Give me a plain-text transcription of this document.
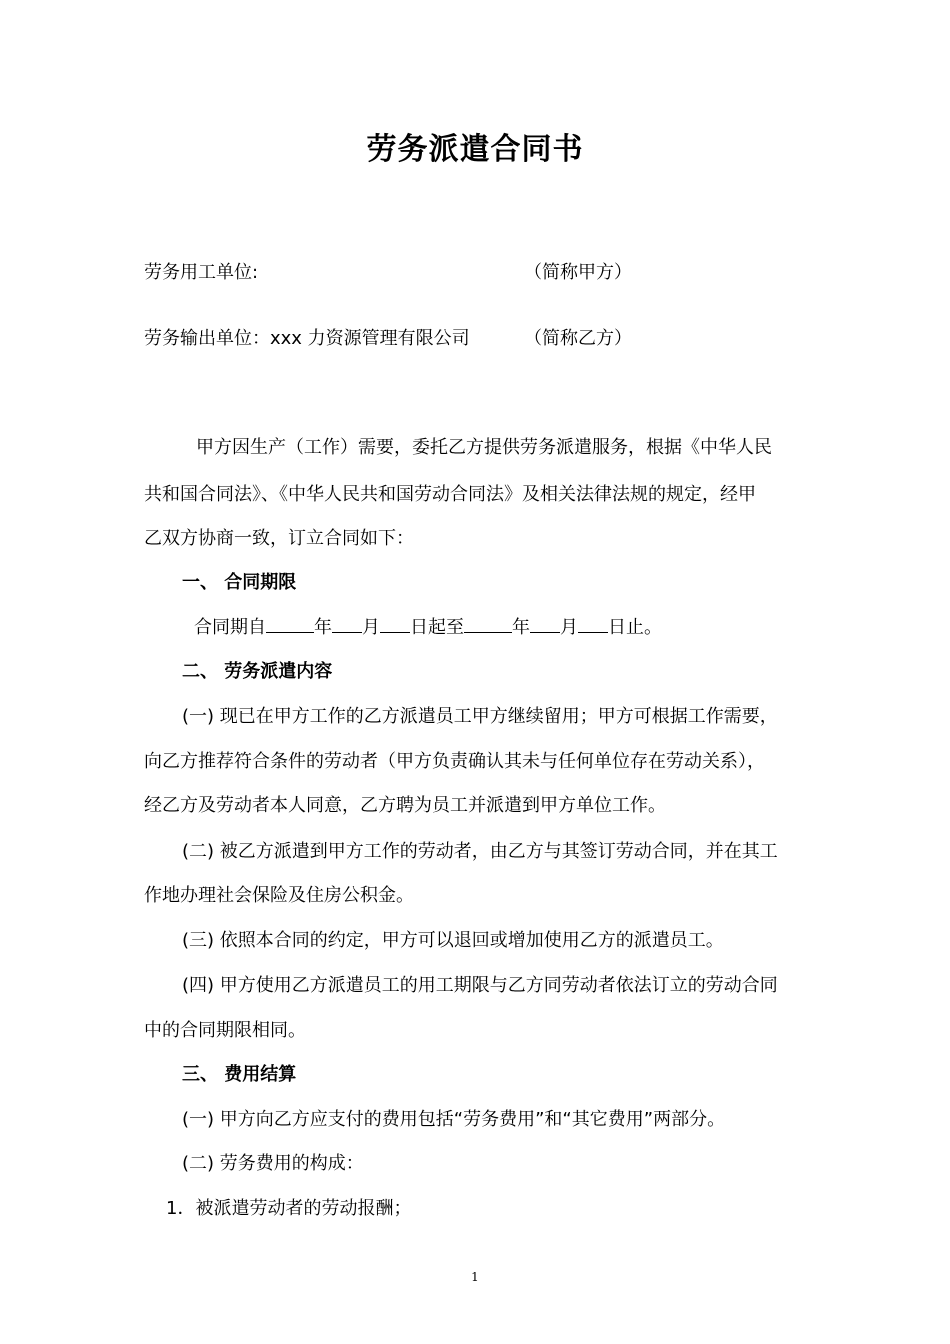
劳务派遣合同书
劳务用工单位:	（简称甲方）
劳务输出单位：xxx 力资源管理有限公司	（简称乙方）
甲方因生产（工作）需要，委托乙方提供劳务派遣服务，根据《中华人民
共和国合同法》、《中华人民共和国劳动合同法》及相关法律法规的规定，经甲
乙双方协商一致，订立合同如下：
一、 合同期限
合同期自	年 月 日起至	年 月 日止。
二、 劳务派遣内容
(一) 现已在甲方工作的乙方派遣员工甲方继续留用；甲方可根据工作需要，
向乙方推荐符合条件的劳动者（甲方负责确认其未与任何单位存在劳动关系），
经乙方及劳动者本人同意，乙方聘为员工并派遣到甲方单位工作。
(二) 被乙方派遣到甲方工作的劳动者，由乙方与其签订劳动合同，并在其工
作地办理社会保险及住房公积金。
(三) 依照本合同的约定，甲方可以退回或增加使用乙方的派遣员工。
(四) 甲方使用乙方派遣员工的用工期限与乙方同劳动者依法订立的劳动合同
中的合同期限相同。
三、 费用结算
(一) 甲方向乙方应支付的费用包括“劳务费用”和“其它费用”两部分。
(二) 劳务费用的构成：
1．被派遣劳动者的劳动报酬；
1
